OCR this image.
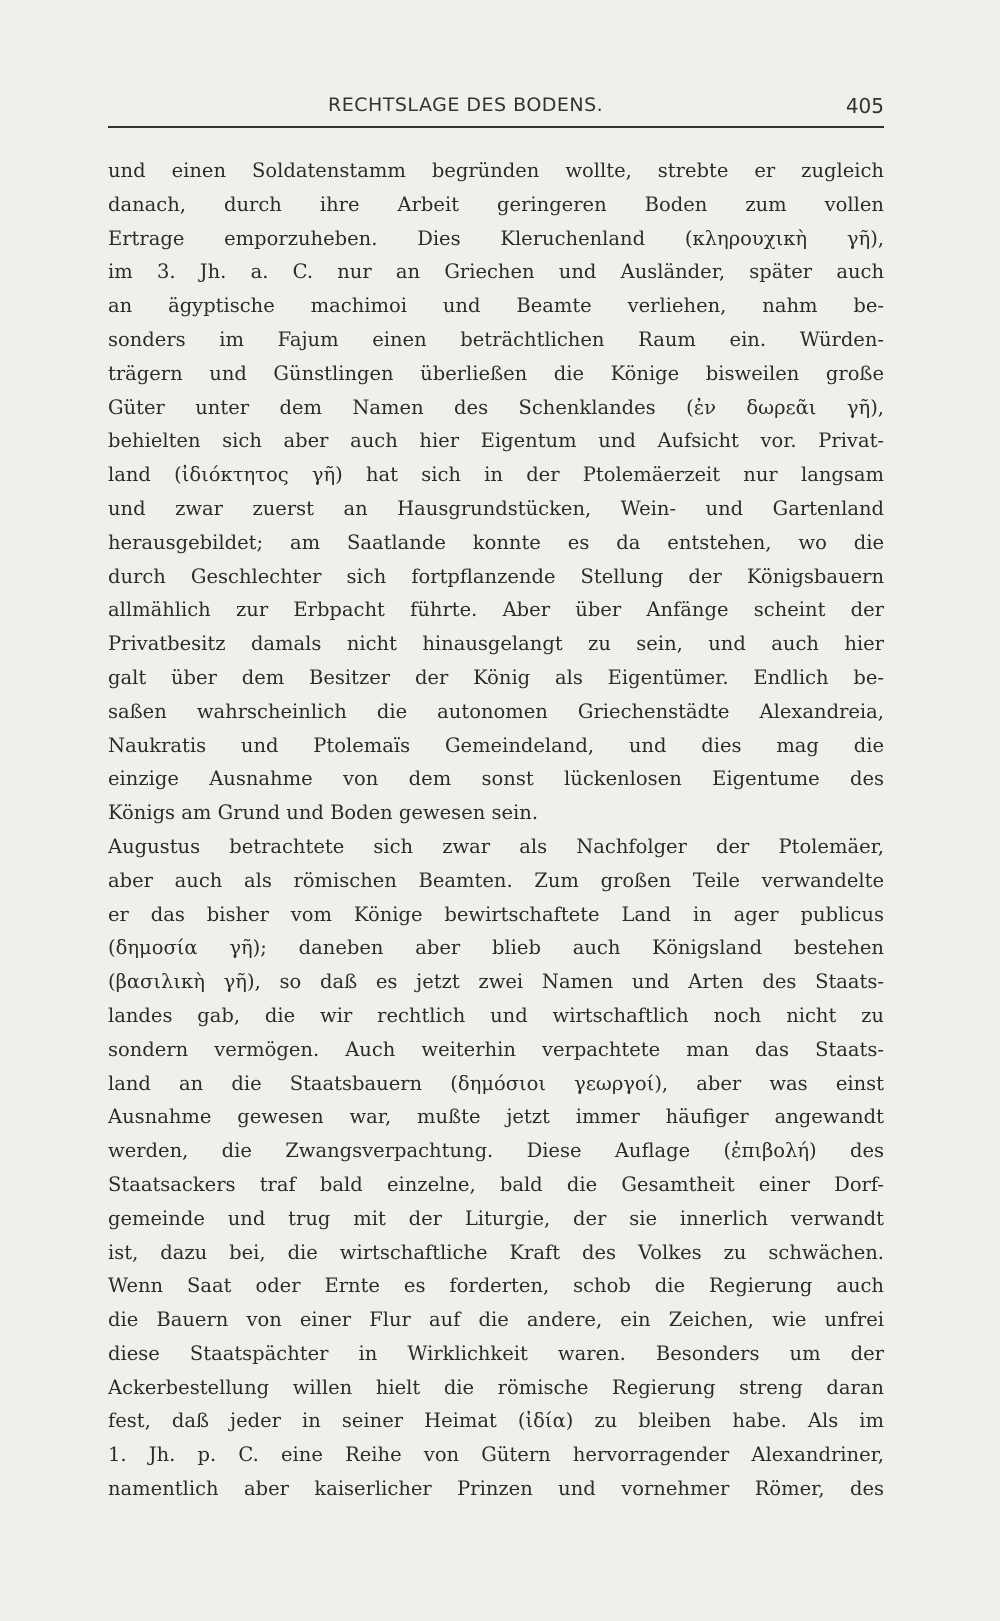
RECHTSLAGE DES BODENS.	405
und einen Soldatenstamm begründen wollte, strebte er zugleich
danach, durch ihre Arbeit geringeren Boden zum vollen
Ertrage emporzuheben. Dies Kleruchenland (κληρουχικὴ γῆ),
im 3. Jh. a. C. nur an Griechen und Ausländer, später auch
an ägyptische machimoi und Beamte verliehen, nahm be-
sonders im Fajum einen beträchtlichen Raum ein. Würden-
trägern und Günstlingen überließen die Könige bisweilen große
Güter unter dem Namen des Schenklandes (ἐν δωρεᾶι γῆ),
behielten sich aber auch hier Eigentum und Aufsicht vor. Privat-
land (ἰδιόκτητος γῆ) hat sich in der Ptolemäerzeit nur langsam
und zwar zuerst an Hausgrundstücken, Wein- und Gartenland
herausgebildet; am Saatlande konnte es da entstehen, wo die
durch Geschlechter sich fortpflanzende Stellung der Königsbauern
allmählich zur Erbpacht führte. Aber über Anfänge scheint der
Privatbesitz damals nicht hinausgelangt zu sein, und auch hier
galt über dem Besitzer der König als Eigentümer. Endlich be-
saßen wahrscheinlich die autonomen Griechenstädte Alexandreia,
Naukratis und Ptolemaïs Gemeindeland, und dies mag die
einzige Ausnahme von dem sonst lückenlosen Eigentume des
Königs am Grund und Boden gewesen sein.
Augustus betrachtete sich zwar als Nachfolger der Ptolemäer,
aber auch als römischen Beamten. Zum großen Teile verwandelte
er das bisher vom Könige bewirtschaftete Land in ager publicus
(δημοσία γῆ); daneben aber blieb auch Königsland bestehen
(βασιλικὴ γῆ), so daß es jetzt zwei Namen und Arten des Staats-
landes gab, die wir rechtlich und wirtschaftlich noch nicht zu
sondern vermögen. Auch weiterhin verpachtete man das Staats-
land an die Staatsbauern (δημόσιοι γεωργοί), aber was einst
Ausnahme gewesen war, mußte jetzt immer häufiger angewandt
werden, die Zwangsverpachtung. Diese Auflage (ἐπιβολή) des
Staatsackers traf bald einzelne, bald die Gesamtheit einer Dorf-
gemeinde und trug mit der Liturgie, der sie innerlich verwandt
ist, dazu bei, die wirtschaftliche Kraft des Volkes zu schwächen.
Wenn Saat oder Ernte es forderten, schob die Regierung auch
die Bauern von einer Flur auf die andere, ein Zeichen, wie unfrei
diese Staatspächter in Wirklichkeit waren. Besonders um der
Ackerbestellung willen hielt die römische Regierung streng daran
fest, daß jeder in seiner Heimat (ἰδία) zu bleiben habe. Als im
1. Jh. p. C. eine Reihe von Gütern hervorragender Alexandriner,
namentlich aber kaiserlicher Prinzen und vornehmer Römer, des
